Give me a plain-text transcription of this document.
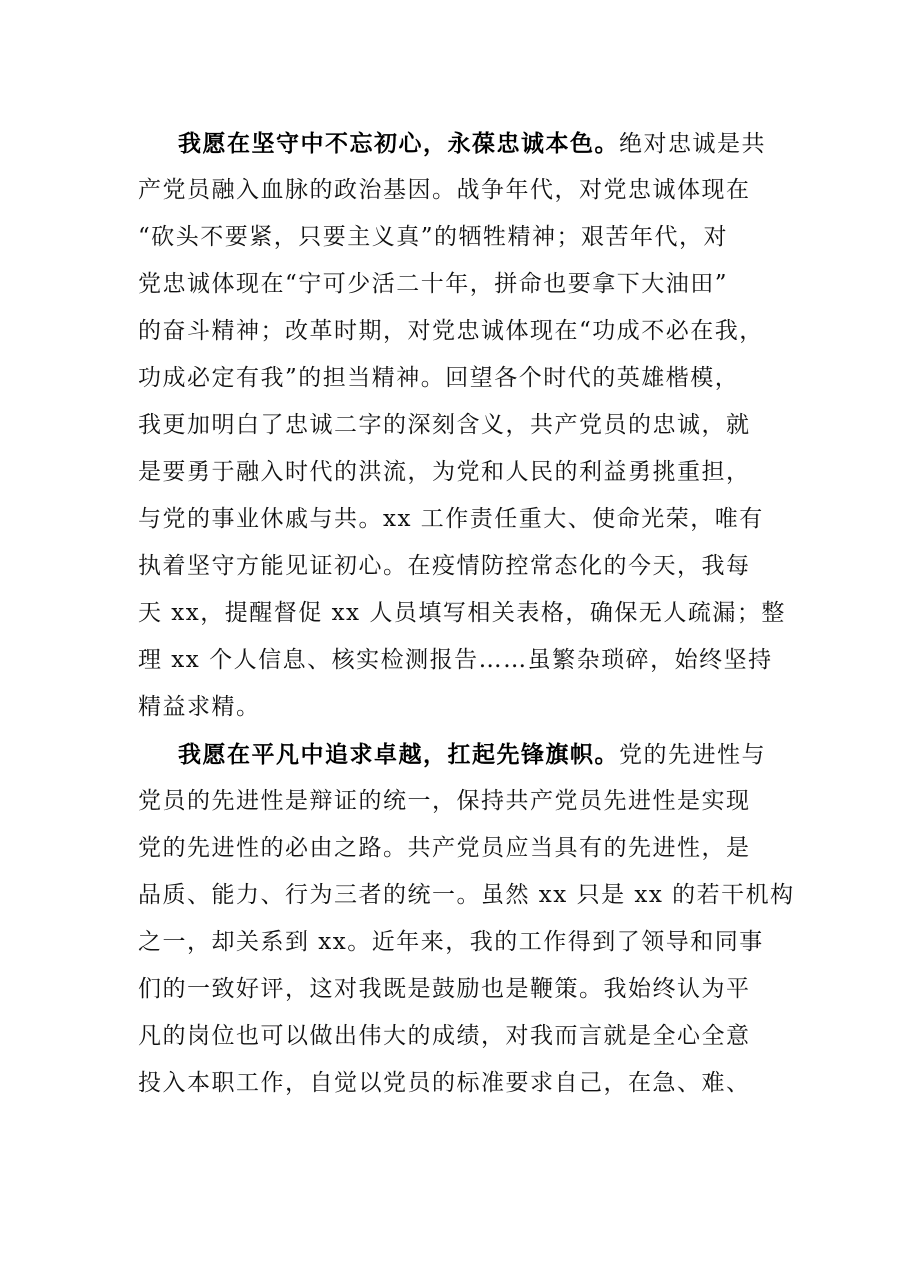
我愿在坚守中不忘初心，永葆忠诚本色。绝对忠诚是共
产党员融入血脉的政治基因。战争年代，对党忠诚体现在
“砍头不要紧，只要主义真”的牺牲精神；艰苦年代，对
党忠诚体现在“宁可少活二十年，拼命也要拿下大油田”
的奋斗精神；改革时期，对党忠诚体现在“功成不必在我，
功成必定有我”的担当精神。回望各个时代的英雄楷模，
我更加明白了忠诚二字的深刻含义，共产党员的忠诚，就
是要勇于融入时代的洪流，为党和人民的利益勇挑重担，
与党的事业休戚与共。xx 工作责任重大、使命光荣，唯有
执着坚守方能见证初心。在疫情防控常态化的今天，我每
天 xx，提醒督促 xx 人员填写相关表格，确保无人疏漏；整
理 xx 个人信息、核实检测报告……虽繁杂琐碎，始终坚持
精益求精。
我愿在平凡中追求卓越，扛起先锋旗帜。党的先进性与
党员的先进性是辩证的统一，保持共产党员先进性是实现
党的先进性的必由之路。共产党员应当具有的先进性，是
品质、能力、行为三者的统一。虽然 xx 只是 xx 的若干机构
之一，却关系到 xx。近年来，我的工作得到了领导和同事
们的一致好评，这对我既是鼓励也是鞭策。我始终认为平
凡的岗位也可以做出伟大的成绩，对我而言就是全心全意
投入本职工作，自觉以党员的标准要求自己，在急、难、
